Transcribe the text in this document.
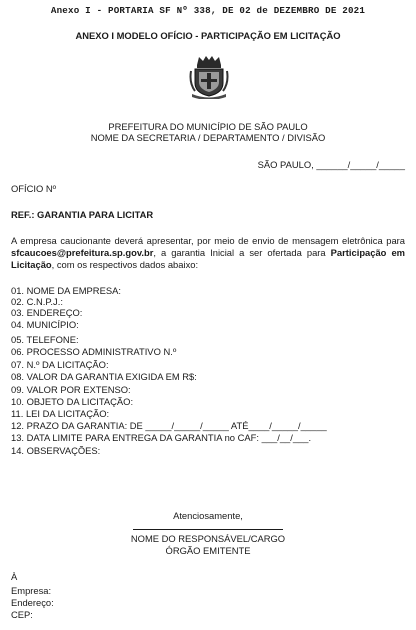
Anexo I - PORTARIA SF Nº 338, DE 02 de DEZEMBRO DE 2021
ANEXO I MODELO OFÍCIO - PARTICIPAÇÃO EM LICITAÇÃO
PREFEITURA DO MUNICÍPIO DE SÃO PAULO
NOME DA SECRETARIA / DEPARTAMENTO / DIVISÃO
SÃO PAULO, ______/_____/_____
OFÍCIO Nº
REF.: GARANTIA PARA LICITAR
A empresa caucionante deverá apresentar, por meio de envio de mensagem eletrônica para sfcaucoes@prefeitura.sp.gov.br, a garantia Inicial a ser ofertada para Participação em Licitação, com os respectivos dados abaixo:
01. NOME DA EMPRESA:
02. C.N.P.J.:
03. ENDEREÇO:
04. MUNICÍPIO:
05. TELEFONE:
06. PROCESSO ADMINISTRATIVO N.º
07. N.º DA LICITAÇÃO:
08. VALOR DA GARANTIA EXIGIDA EM R$:
09. VALOR POR EXTENSO:
10. OBJETO DA LICITAÇÃO:
11. LEI DA LICITAÇÃO:
12. PRAZO DA GARANTIA: DE _____/_____/_____ ATÉ____/_____/_____
13. DATA LIMITE PARA ENTREGA DA GARANTIA no CAF: ___/__/___.
14. OBSERVAÇÕES:
Atenciosamente,
NOME DO RESPONSÁVEL/CARGO
ÓRGÃO EMITENTE
À
Empresa:
Endereço:
CEP:
